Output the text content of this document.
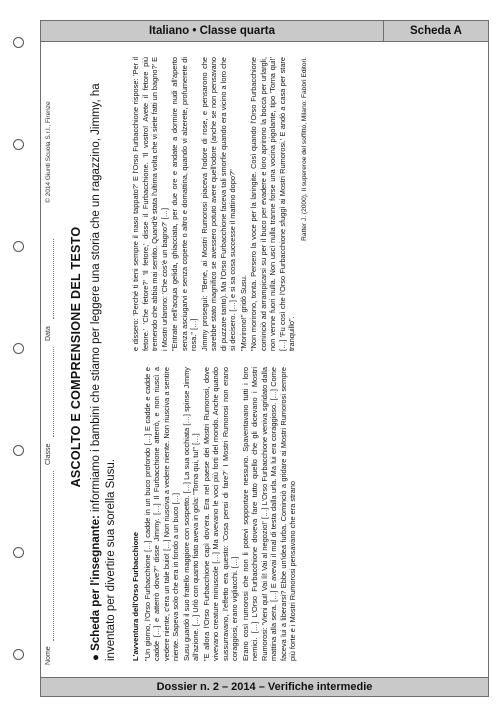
Italiano • Classe quarta	Scheda A
Dossier n. 2 – 2014 – Verifiche intermedie
Nome
Classe
Data
© 2014 Giunti Scuola S.r.l., Firenze
ASCOLTO E COMPRENSIONE DEL TESTO
● Scheda per l'insegnante: informiamo i bambini che stiamo per leggere una storia che un ragazzino, Jimmy, ha inventato per divertire sua sorella Susu. L'avventura dell'Orso Furbacchione "Un giorno, l'Orso Furbacchione […] cadde in un buco profondo […] E cadde e cadde e cadde […] e atterrò dove?" disse Jimmy. […] Il Furbacchione atterrò, e non riuscì a vedere niente, c'era un tale buio! […] Non riusciva a vedere niente. Non riusciva a sentire niente. Sapeva solo che era in fondo a un buco […] Susu guardò il suo fratello maggiore con sospetto. […] La sua occhiata […] spinse Jimmy all'azione. […] Urlò con quanto fiato aveva in gola: "Torna qui, tu!" […] "E allora l'Orso Furbacchione capì dov'era. Era nel paese dei Mostri Rumorosi, dove vivevano creature minuscole […] Ma avevano le voci più forti del mondo. Anche quando sussurravano, l'effetto era questo: 'Cosa pensi di fare?' I Mostri Rumorosi non erano coraggiosi, erano vigliacchi. […] Erano così rumorosi che non li potevi sopportare nessuno. Spaventavano tutti i loro nemici. […] L'Orso Furbacchione doveva fare tutto quello che gli dicevano i Mostri Rumorosi: 'Vieni qui! Vai lì! Vai al negozio!' […] L'Orso Furbacchione veniva sgridato dalla mattina alla sera. […] E avevai il mal di testa dalla urla. Ma lui era coraggioso. […] Come faceva lui a liberarsi? Ebbe un'idea furba. Cominciò a gridare ai Mostri Rumorosi sempre più forte e i Mostri Rumorosi pensavano che era strano

e dissero: 'Perché ti tieni sempre il naso tappato?' E l'Orso Furbacchione rispose: 'Per il fetore.' 'Che fetore?' 'Il fetore,' disse il Furbacchione. 'Il vostro! Avete il fetore più tremendo che abbia mai sentito. Quand'è stata l'ultima volta che vi siete fatti un bagno?' E i Mostri urlarono: 'Che cos'è un bagno?' […] "Entrate nell'acqua gelida, ghiacciata, per due ore e andate a dormire nudi all'aperto senza asciugarvi e senza coperte o altro e domattina, quando vi alzerete, profumerete di rosa." […] Jimmy proseguì: "Bene, ai Mostri Rumorosi piaceva l'odore di rose, e pensarono che sarebbe stato magnifico se avessero potuto avere quell'odore (anche se non pensavano di puzzare tanto). Ma l'Orso Furbacchione faceva tali smorfie quando era vicino a loro che si decisero. […] e si sa cosa successe il mattino dopo?" "Morirono!" gridò Susu. "Non morirono, tonta. Persero la voce per la laringite. Così quando l'Orso Furbacchione cominciò ad arrampicarsi su per il buco per evadere e loro aprirono la bocca per urlargli, non venne fuori nulla. Non uscì nulla tranne forse una vocina pigolante, tipo 'Torna qui!' […] 'Fu così che l'Orso Furbacchione sfuggì ai Mostri Rumorosi.' E andò a casa per stare tranquillo".

Ratter J. (2000), Il supereroe del soffitto, Milano: Fabbri Editori.
